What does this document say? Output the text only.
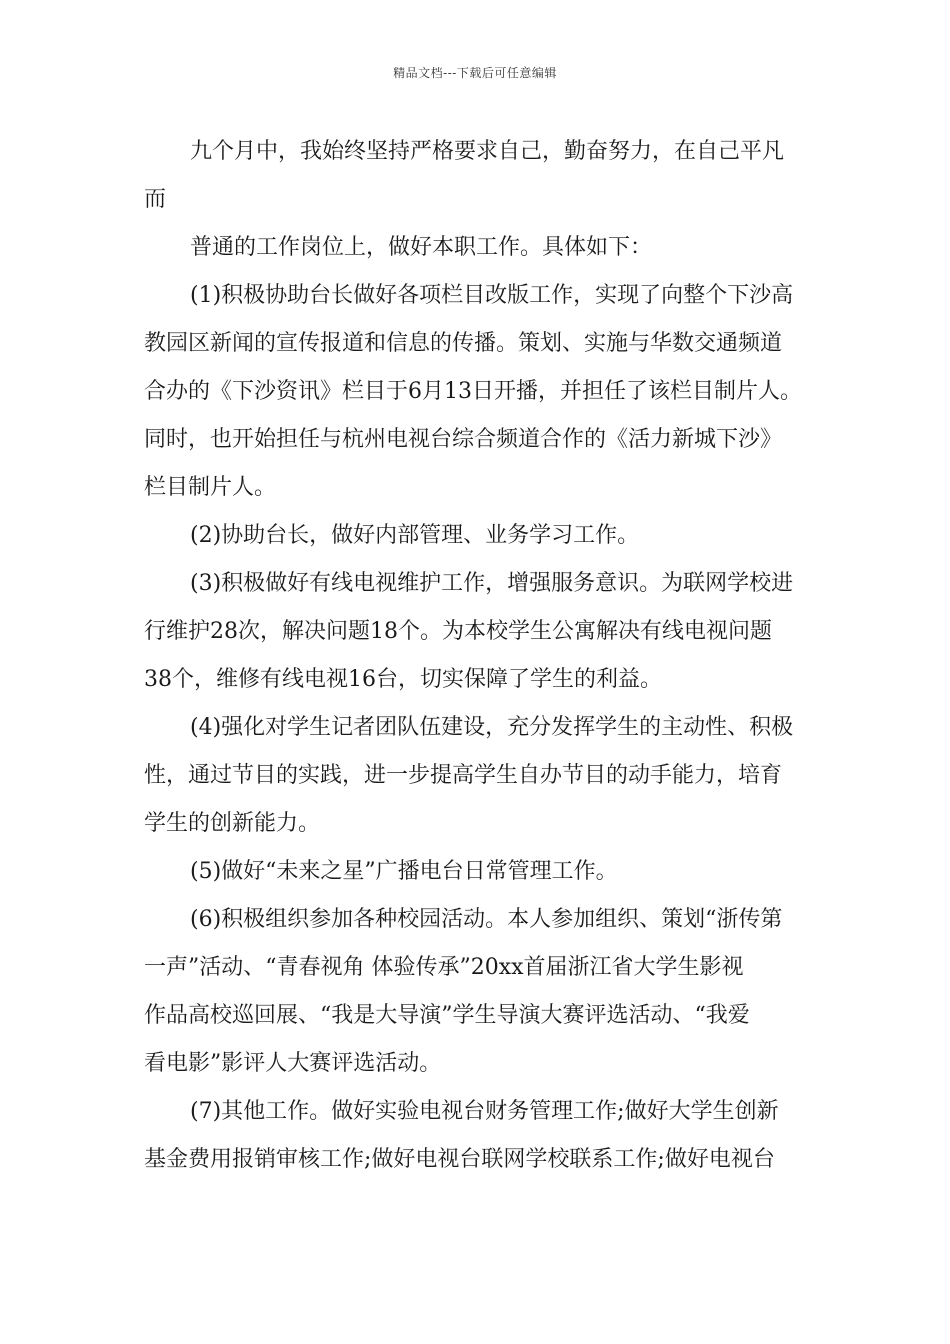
精品文档---下载后可任意编辑
九个月中，我始终坚持严格要求自己，勤奋努力，在自己平凡
而
普通的工作岗位上，做好本职工作。具体如下：
(1)积极协助台长做好各项栏目改版工作，实现了向整个下沙高
教园区新闻的宣传报道和信息的传播。策划、实施与华数交通频道
合办的《下沙资讯》栏目于6月13日开播，并担任了该栏目制片人。
同时，也开始担任与杭州电视台综合频道合作的《活力新城下沙》
栏目制片人。
(2)协助台长，做好内部管理、业务学习工作。
(3)积极做好有线电视维护工作，增强服务意识。为联网学校进
行维护28次，解决问题18个。为本校学生公寓解决有线电视问题
38个，维修有线电视16台，切实保障了学生的利益。
(4)强化对学生记者团队伍建设，充分发挥学生的主动性、积极
性，通过节目的实践，进一步提高学生自办节目的动手能力，培育
学生的创新能力。
(5)做好“未来之星”广播电台日常管理工作。
(6)积极组织参加各种校园活动。本人参加组织、策划“浙传第
一声”活动、“青春视角 体验传承”20xx首届浙江省大学生影视
作品高校巡回展、“我是大导演”学生导演大赛评选活动、“我爱
看电影”影评人大赛评选活动。
(7)其他工作。做好实验电视台财务管理工作;做好大学生创新
基金费用报销审核工作;做好电视台联网学校联系工作;做好电视台
